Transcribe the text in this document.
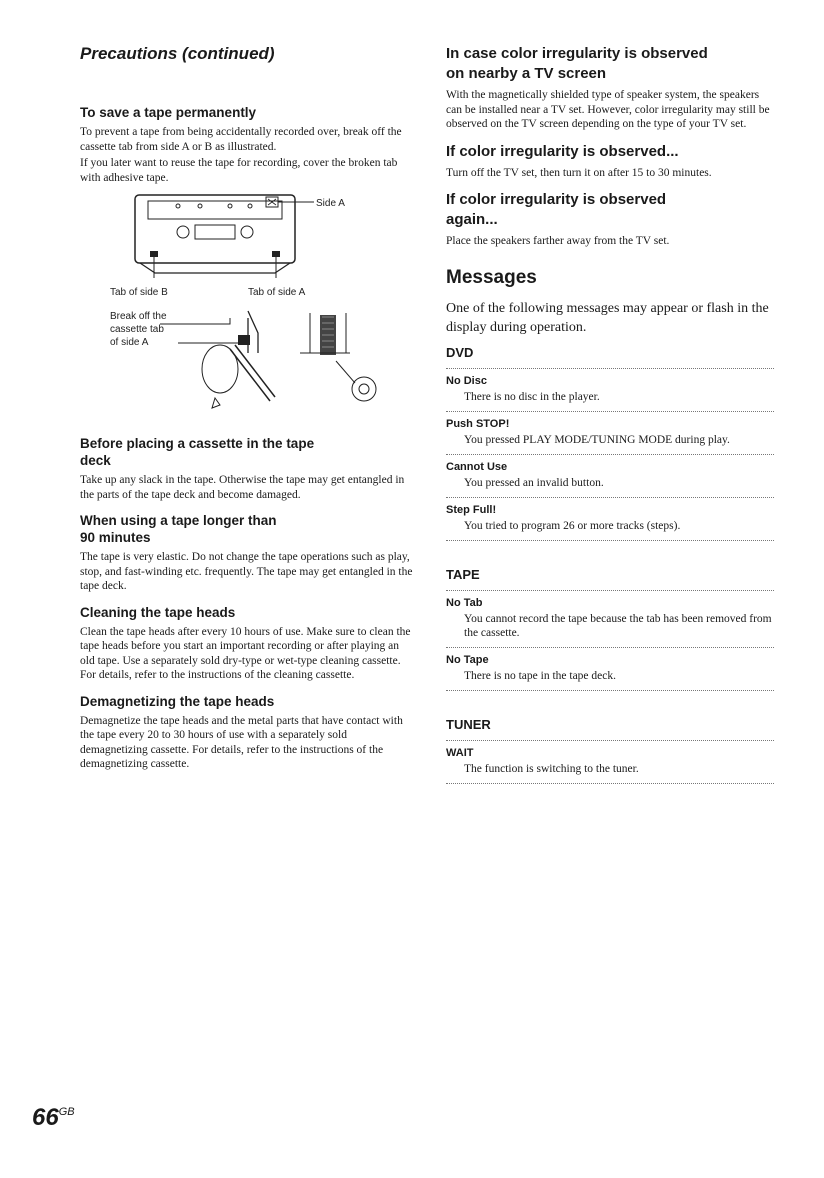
Precautions (continued)
To save a tape permanently
To prevent a tape from being accidentally recorded over, break off the cassette tab from side A or B as illustrated.
If you later want to reuse the tape for recording, cover the broken tab with adhesive tape.
Side A
Tab of side B	Tab of side A
Break off the
cassette tab
of side A
Before placing a cassette in the tape
deck
Take up any slack in the tape. Otherwise the tape may get entangled in the parts of the tape deck and become damaged.
When using a tape longer than
90 minutes
The tape is very elastic. Do not change the tape operations such as play, stop, and fast-winding etc. frequently. The tape may get entangled in the tape deck.
Cleaning the tape heads
Clean the tape heads after every 10 hours of use. Make sure to clean the tape heads before you start an important recording or after playing an old tape. Use a separately sold dry-type or wet-type cleaning cassette. For details, refer to the instructions of the cleaning cassette.
Demagnetizing the tape heads
Demagnetize the tape heads and the metal parts that have contact with the tape every 20 to 30 hours of use with a separately sold demagnetizing cassette. For details, refer to the instructions of the demagnetizing cassette.
In case color irregularity is observed
on nearby a TV screen
With the magnetically shielded type of speaker system, the speakers can be installed near a TV set. However, color irregularity may still be observed on the TV screen depending on the type of your TV set.
If color irregularity is observed...
Turn off the TV set, then turn it on after 15 to 30 minutes.
If color irregularity is observed
again...
Place the speakers farther away from the TV set.
Messages
One of the following messages may appear or flash in the display during operation.
DVD
No Disc
There is no disc in the player.
Push STOP!
You pressed PLAY MODE/TUNING MODE during play.
Cannot Use
You pressed an invalid button.
Step Full!
You tried to program 26 or more tracks (steps).
TAPE
No Tab
You cannot record the tape because the tab has been removed from the cassette.
No Tape
There is no tape in the tape deck.
TUNER
WAIT
The function is switching to the tuner.
$66^{GB}$
